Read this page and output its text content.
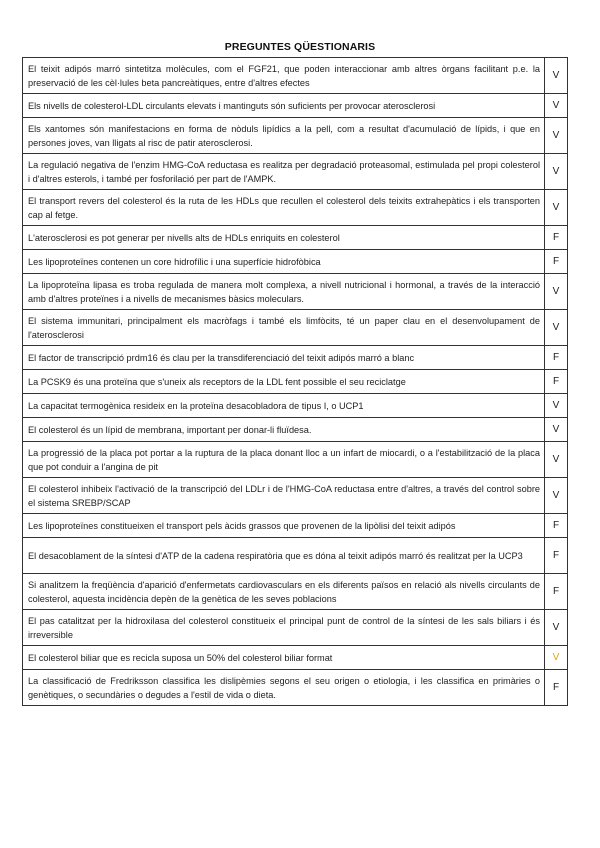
PREGUNTES QÜESTIONARIS
El teixit adipós marró sintetitza molècules, com el FGF21, que poden interaccionar amb altres òrgans facilitant p.e. la preservació de les cèl·lules beta pancreàtiques, entre d'altres efectes	V
Els nivells de colesterol-LDL circulants elevats i mantinguts són suficients per provocar aterosclerosi	V
Els xantomes són manifestacions en forma de nòduls lipídics a la pell, com a resultat d'acumulació de lípids, i que en persones joves, van lligats al risc de patir aterosclerosi.	V
La regulació negativa de l'enzim HMG-CoA reductasa es realitza per degradació proteasomal, estimulada pel propi colesterol i d'altres esterols, i també per fosforilació per part de l'AMPK.	V
El transport revers del colesterol és la ruta de les HDLs que recullen el colesterol dels teixits extrahepàtics i els transporten cap al fetge.	V
L'aterosclerosi es pot generar per nivells alts de HDLs enriquits en colesterol	F
Les lipoproteïnes contenen un core hidrofílic i una superfície hidrofòbica	F
La lipoproteïna lipasa es troba regulada de manera molt complexa, a nivell nutricional i hormonal, a través de la interacció amb d'altres proteïnes i a nivells de mecanismes bàsics moleculars.	V
El sistema immunitari, principalment els macròfags i també els limfòcits, té un paper clau en el desenvolupament de l'aterosclerosi	V
El factor de transcripció prdm16 és clau per la transdiferenciació del teixit adipós marró a blanc	F
La PCSK9 és una proteïna que s'uneix als receptors de la LDL fent possible el seu reciclatge	F
La capacitat termogènica resideix en la proteïna desacobladora de tipus I, o UCP1	V
El colesterol és un lípid de membrana, important per donar-li fluïdesa.	V
La progressió de la placa pot portar a la ruptura de la placa donant lloc a un infart de miocardi, o a l'estabilització de la placa que pot conduir a l'angina de pit	V
El colesterol inhibeix l'activació de la transcripció del LDLr i de l'HMG-CoA reductasa entre d'altres, a través del control sobre el sistema SREBP/SCAP	V
Les lipoproteïnes constitueixen el transport pels àcids grassos que provenen de la lipòlisi del teixit adipós	F
El desacoblament de la síntesi d'ATP de la cadena respiratòria que es dóna al teixit adipós marró és realitzat per la UCP3	F
Si analitzem la freqüència d'aparició d'enfermetats cardiovasculars en els diferents països en relació als nivells circulants de colesterol, aquesta incidència depèn de la genètica de les seves poblacions	F
El pas catalitzat per la hidroxilasa del colesterol constitueix el principal punt de control de la síntesi de les sals biliars i és irreversible	V
El colesterol biliar que es recicla suposa un 50% del colesterol biliar format	V
La classificació de Fredriksson classifica les dislipèmies segons el seu origen o etiologia, i les classifica en primàries o genètiques, o secundàries o degudes a l'estil de vida o dieta.	F
